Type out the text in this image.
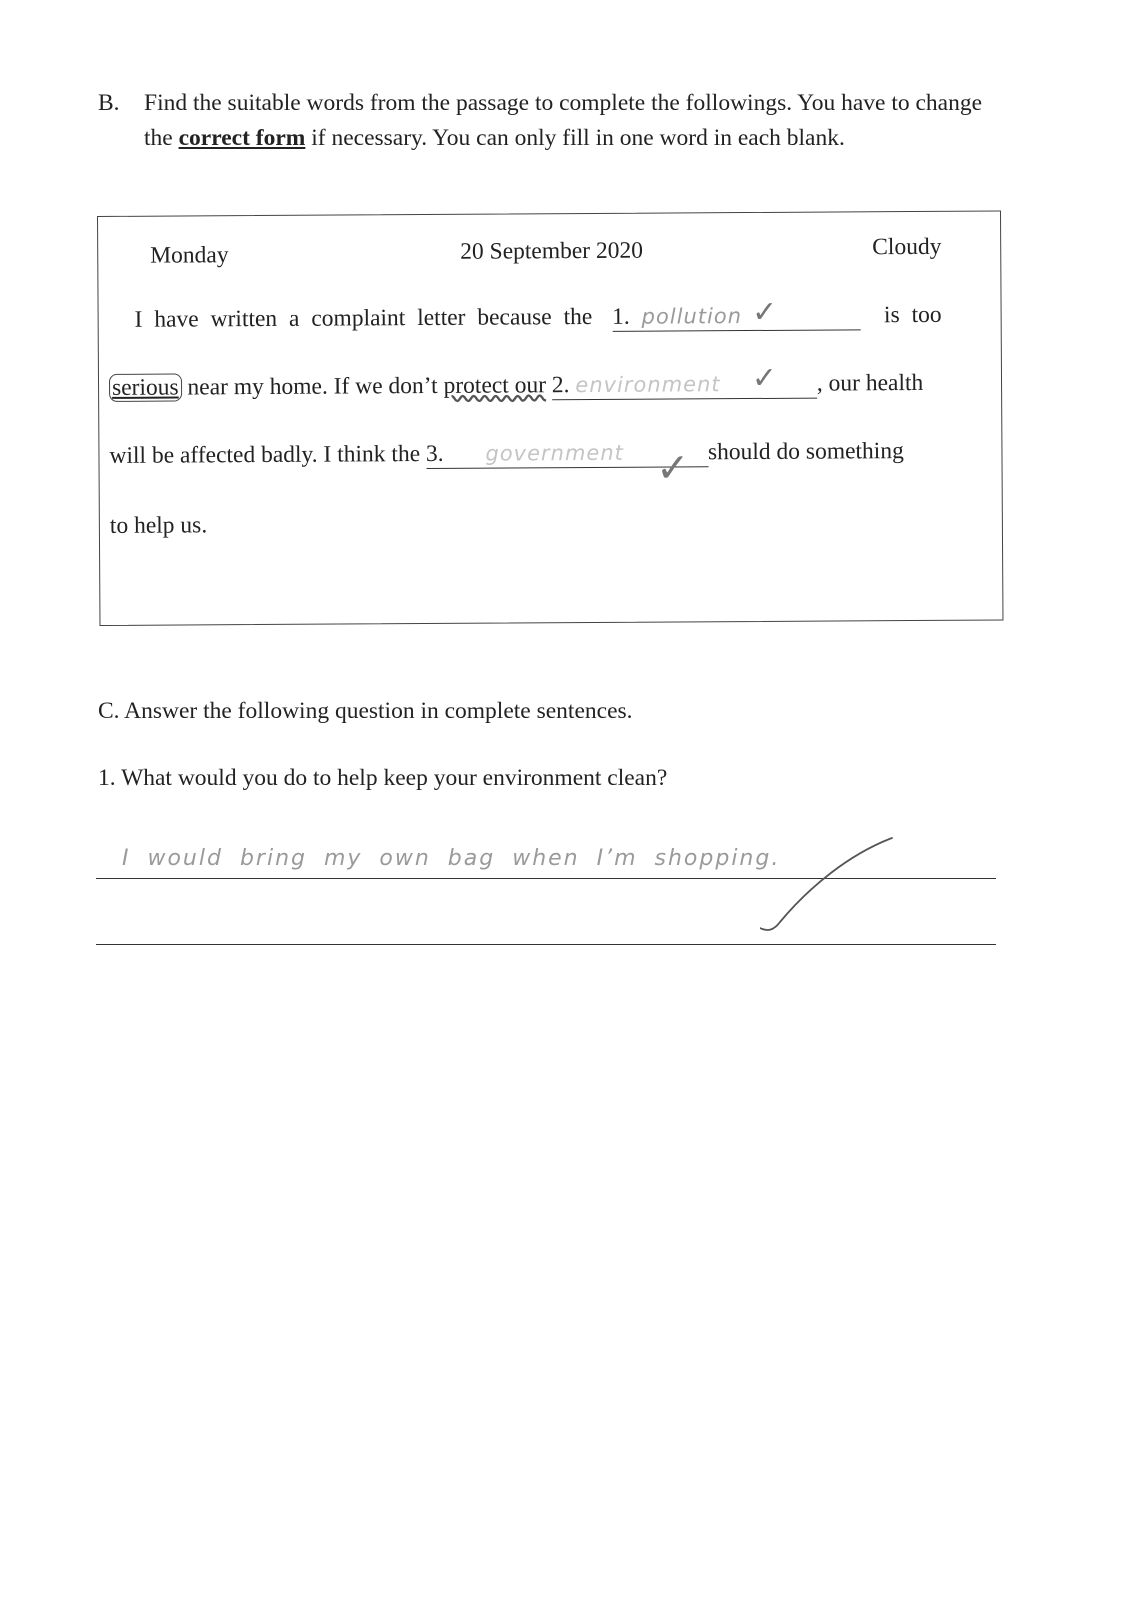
B. Find the suitable words from the passage to complete the followings. You have to change the correct form if necessary. You can only fill in one word in each blank.
Monday	20 September 2020	Cloudy
I have written a complaint letter because the 1. pollution ✓	is too
serious near my home. If we don’t protect our 2. environment ✓ , our health
will be affected badly. I think the 3. government ✓ should do something
to help us.
C. Answer the following question in complete sentences.
1. What would you do to help keep your environment clean?
I would bring my own bag when I’m shopping.
